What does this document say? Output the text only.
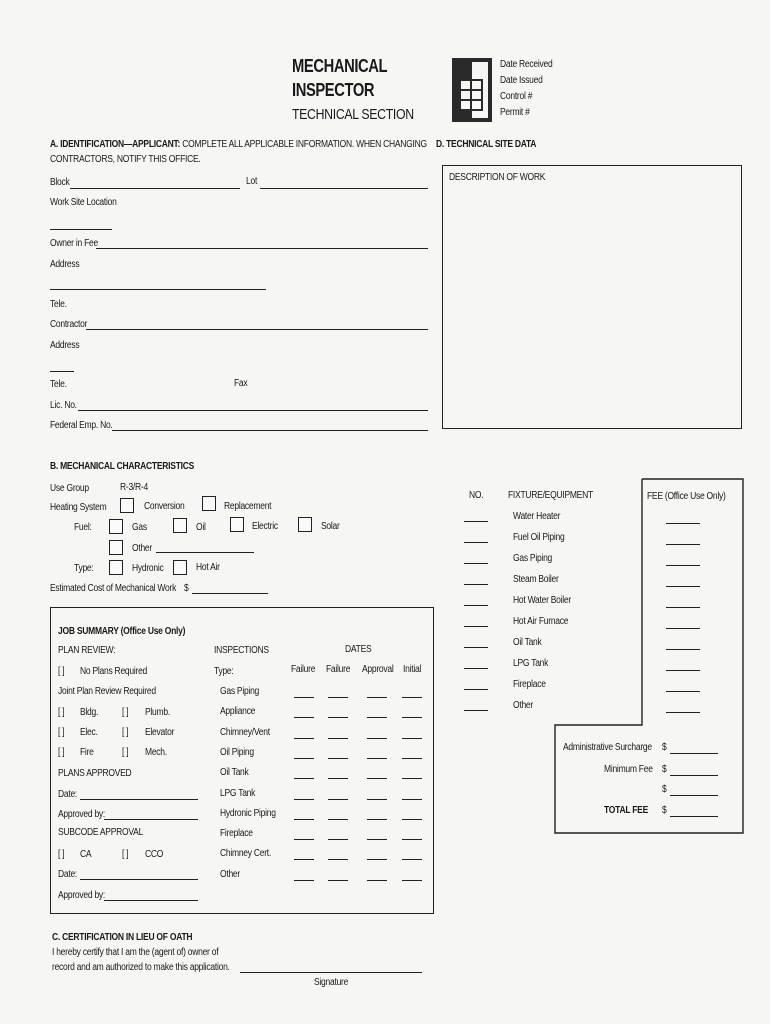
MECHANICAL
INSPECTOR
TECHNICAL SECTION
Date Received
Date Issued
Control #
Permit #
A. IDENTIFICATION—APPLICANT: COMPLETE ALL APPLICABLE INFORMATION. WHEN CHANGING
CONTRACTORS, NOTIFY THIS OFFICE.
Block	Lot
Work Site Location
Owner in Fee
Address
Tele.
Contractor
Address
Tele.	Fax
Lic. No.
Federal Emp. No.
D. TECHNICAL SITE DATA
DESCRIPTION OF WORK
B. MECHANICAL CHARACTERISTICS
Use Group	R-3/R-4
Heating System	Conversion	Replacement
Fuel:	Gas	Oil	Electric	Solar
Other
Type:	Hydronic	Hot Air
Estimated Cost of Mechanical Work $
NO. FIXTURE/EQUIPMENT	FEE (Office Use Only)
Water Heater
Fuel Oil Piping
Gas Piping
Steam Boiler
Hot Water Boiler
Hot Air Furnace
Oil Tank
LPG Tank
Fireplace
Other
Administrative Surcharge $
Minimum Fee $
$
TOTAL FEE $
JOB SUMMARY (Office Use Only)
PLAN REVIEW:
[ ] No Plans Required
Joint Plan Review Required
[ ] Bldg. [ ] Plumb.
[ ] Elec. [ ] Elevator
[ ] Fire	[ ] Mech.
PLANS APPROVED
Date:
Approved by:
SUBCODE APPROVAL
[ ] CA	[ ] CCO
Date:
Approved by:
INSPECTIONS
Type:
DATES
Failure Failure Approval Initial
Gas Piping
Appliance
Chimney/Vent
Oil Piping
Oil Tank
LPG Tank
Hydronic Piping
Fireplace
Chimney Cert.
Other
C. CERTIFICATION IN LIEU OF OATH
I hereby certify that I am the (agent of) owner of
record and am authorized to make this application.
Signature
